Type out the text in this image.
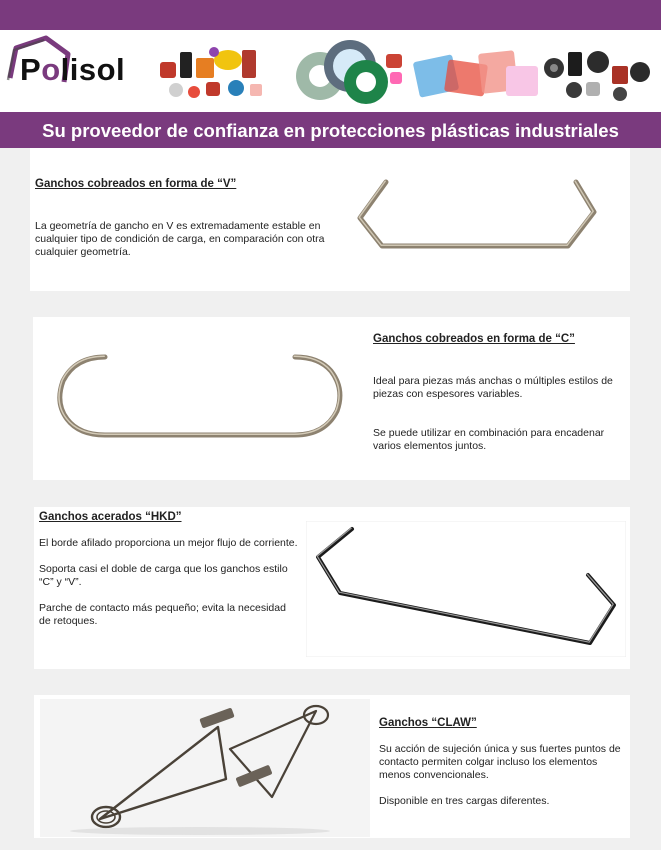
Polisol
Su proveedor de confianza en protecciones plásticas industriales
Ganchos cobreados en forma de “V”

La geometría de gancho en V es extremadamente estable en cualquier tipo de condición de carga, en comparación con otra cualquier geometría.

Ganchos cobreados en forma de “C”

Ideal para piezas más anchas o múltiples estilos de piezas con espesores variables.

Se puede utilizar en combinación para encadenar varios elementos juntos.

Ganchos acerados “HKD”

El borde afilado proporciona un mejor flujo de corriente.

Soporta casi el doble de carga que los ganchos estilo “C” y “V”.

Parche de contacto más pequeño; evita la necesidad de retoques.

Ganchos “CLAW”

Su acción de sujeción única y sus fuertes puntos de contacto permiten colgar incluso los elementos menos convencionales.

Disponible en tres cargas diferentes.
